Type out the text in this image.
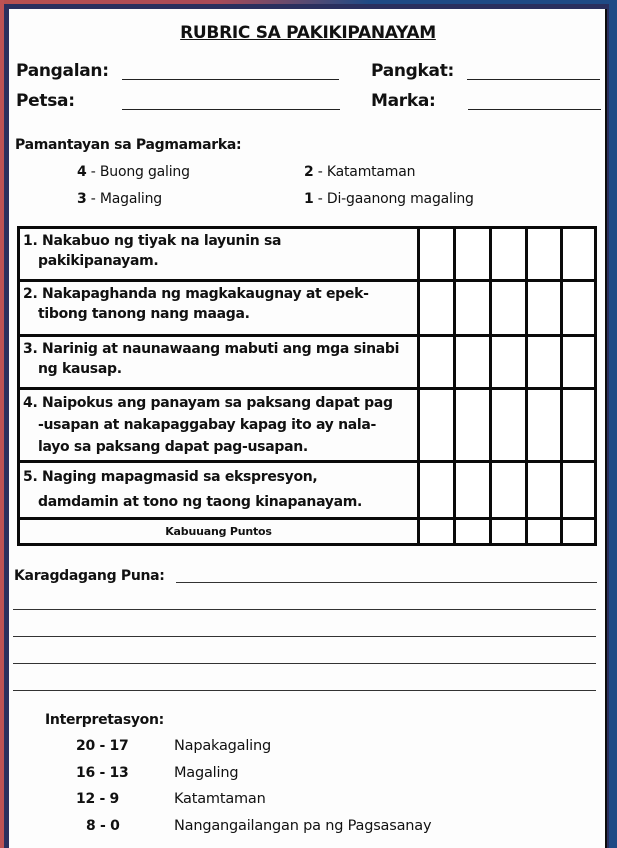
RUBRIC SA PAKIKIPANAYAM
Pangalan:	Pangkat:
Petsa:	Marka:
Pamantayan sa Pagmamarka:
4 - Buong galing
3 - Magaling
2 - Katamtaman
1 - Di-gaanong magaling
1. Nakabuo ng tiyak na layunin sa
pakikipanayam.					

2. Nakapaghanda ng magkakaugnay at epek-
tibong tanong nang maaga.					

3. Narinig at naunawaang mabuti ang mga sinabi
ng kausap.					

4. Naipokus ang panayam sa paksang dapat pag
-usapan at nakapaggabay kapag ito ay nala-
layo sa paksang dapat pag-usapan.					

5. Naging mapagmasid sa ekspresyon,
damdamin at tono ng taong kinapanayam.					

Kabuuang Puntos					
Karagdagang Puna:
Interpretasyon:
20 - 17	Napakagaling
16 - 13	Magaling
12 - 9	Katamtaman
8 - 0	Nangangailangan pa ng Pagsasanay
